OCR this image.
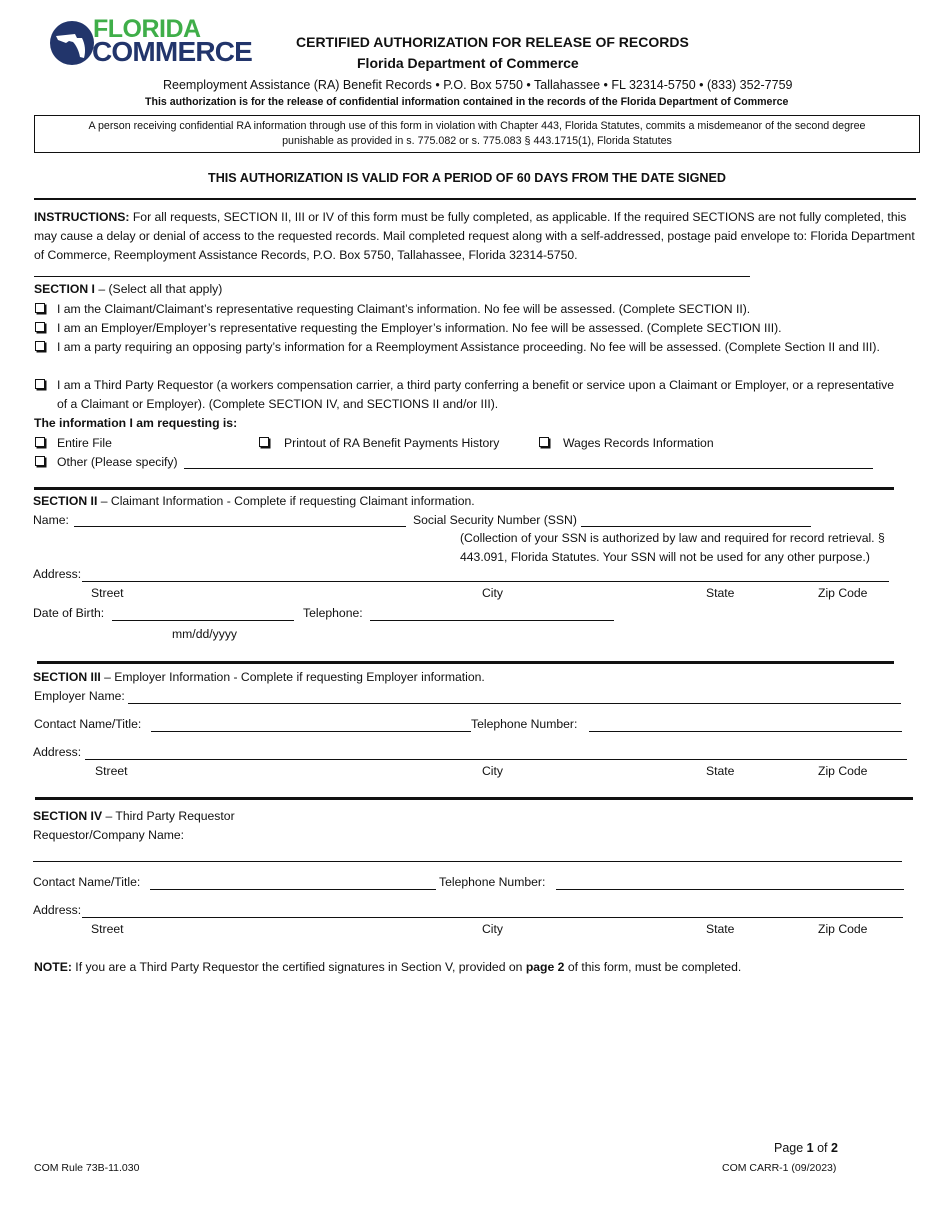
FLORIDA
COMMERCE	CERTIFIED AUTHORIZATION FOR RELEASE OF RECORDS
Florida Department of Commerce
Reemployment Assistance (RA) Benefit Records • P.O. Box 5750 • Tallahassee • FL 32314-5750 • (833) 352-7759
This authorization is for the release of confidential information contained in the records of the Florida Department of Commerce
A person receiving confidential RA information through use of this form in violation with Chapter 443, Florida Statutes, commits a misdemeanor of the second degree
punishable as provided in s. 775.082 or s. 775.083 § 443.1715(1), Florida Statutes
THIS AUTHORIZATION IS VALID FOR A PERIOD OF 60 DAYS FROM THE DATE SIGNED
INSTRUCTIONS: For all requests, SECTION II, III or IV of this form must be fully completed, as applicable. If the required SECTIONS are not fully completed, this may cause a delay or denial of access to the requested records. Mail completed request along with a self-addressed, postage paid envelope to: Florida Department of Commerce, Reemployment Assistance Records, P.O. Box 5750, Tallahassee, Florida 32314-5750.
SECTION I – (Select all that apply)
I am the Claimant/Claimant’s representative requesting Claimant’s information. No fee will be assessed. (Complete SECTION II).
I am an Employer/Employer’s representative requesting the Employer’s information. No fee will be assessed. (Complete SECTION III).
I am a party requiring an opposing party’s information for a Reemployment Assistance proceeding. No fee will be assessed. (Complete Section II and III).
I am a Third Party Requestor (a workers compensation carrier, a third party conferring a benefit or service upon a Claimant or Employer, or a representative of a Claimant or Employer). (Complete SECTION IV, and SECTIONS II and/or III).
The information I am requesting is:
Entire File	Printout of RA Benefit Payments History	Wages Records Information
Other (Please specify)
SECTION II – Claimant Information - Complete if requesting Claimant information.
Name:	Social Security Number (SSN)
(Collection of your SSN is authorized by law and required for record retrieval. § 443.091, Florida Statutes. Your SSN will not be used for any other purpose.)
Address:
Street	City	State	Zip Code
Date of Birth:	Telephone:
mm/dd/yyyy
SECTION III – Employer Information - Complete if requesting Employer information.
Employer Name:
Contact Name/Title:	Telephone Number:
Address:
Street	City	State	Zip Code
SECTION IV – Third Party Requestor
Requestor/Company Name:
Contact Name/Title:	Telephone Number:
Address:
Street	City	State	Zip Code
NOTE: If you are a Third Party Requestor the certified signatures in Section V, provided on page 2 of this form, must be completed.
Page 1 of 2
COM Rule 73B-11.030	COM CARR-1 (09/2023)
